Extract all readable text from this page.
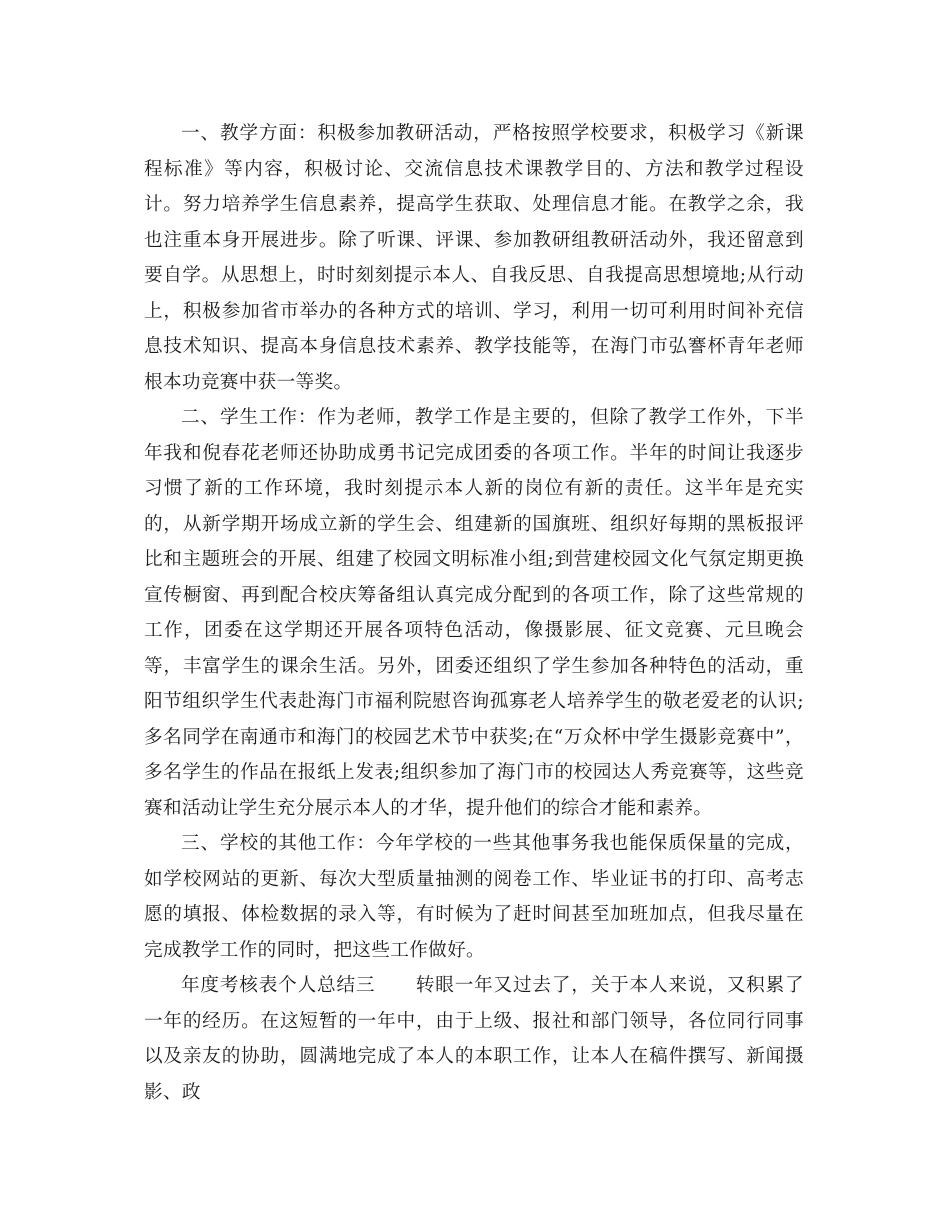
一、教学方面：积极参加教研活动，严格按照学校要求，积极学习《新课程标准》等内容，积极讨论、交流信息技术课教学目的、方法和教学过程设计。努力培养学生信息素养，提高学生获取、处理信息才能。在教学之余，我也注重本身开展进步。除了听课、评课、参加教研组教研活动外，我还留意到要自学。从思想上，时时刻刻提示本人、自我反思、自我提高思想境地;从行动上，积极参加省市举办的各种方式的培训、学习，利用一切可利用时间补充信息技术知识、提高本身信息技术素养、教学技能等，在海门市弘謇杯青年老师根本功竞赛中获一等奖。

二、学生工作：作为老师，教学工作是主要的，但除了教学工作外，下半年我和倪春花老师还协助成勇书记完成团委的各项工作。半年的时间让我逐步习惯了新的工作环境，我时刻提示本人新的岗位有新的责任。这半年是充实的，从新学期开场成立新的学生会、组建新的国旗班、组织好每期的黑板报评比和主题班会的开展、组建了校园文明标准小组;到营建校园文化气氛定期更换宣传橱窗、再到配合校庆筹备组认真完成分配到的各项工作，除了这些常规的工作，团委在这学期还开展各项特色活动，像摄影展、征文竞赛、元旦晚会等，丰富学生的课余生活。另外，团委还组织了学生参加各种特色的活动，重阳节组织学生代表赴海门市福利院慰咨询孤寡老人培养学生的敬老爱老的认识;多名同学在南通市和海门的校园艺术节中获奖;在“万众杯中学生摄影竞赛中”，多名学生的作品在报纸上发表;组织参加了海门市的校园达人秀竞赛等，这些竞赛和活动让学生充分展示本人的才华，提升他们的综合才能和素养。

三、学校的其他工作：今年学校的一些其他事务我也能保质保量的完成，如学校网站的更新、每次大型质量抽测的阅卷工作、毕业证书的打印、高考志愿的填报、体检数据的录入等，有时候为了赶时间甚至加班加点，但我尽量在完成教学工作的同时，把这些工作做好。

年度考核表个人总结三 转眼一年又过去了，关于本人来说，又积累了一年的经历。在这短暂的一年中，由于上级、报社和部门领导，各位同行同事以及亲友的协助，圆满地完成了本人的本职工作，让本人在稿件撰写、新闻摄影、政
